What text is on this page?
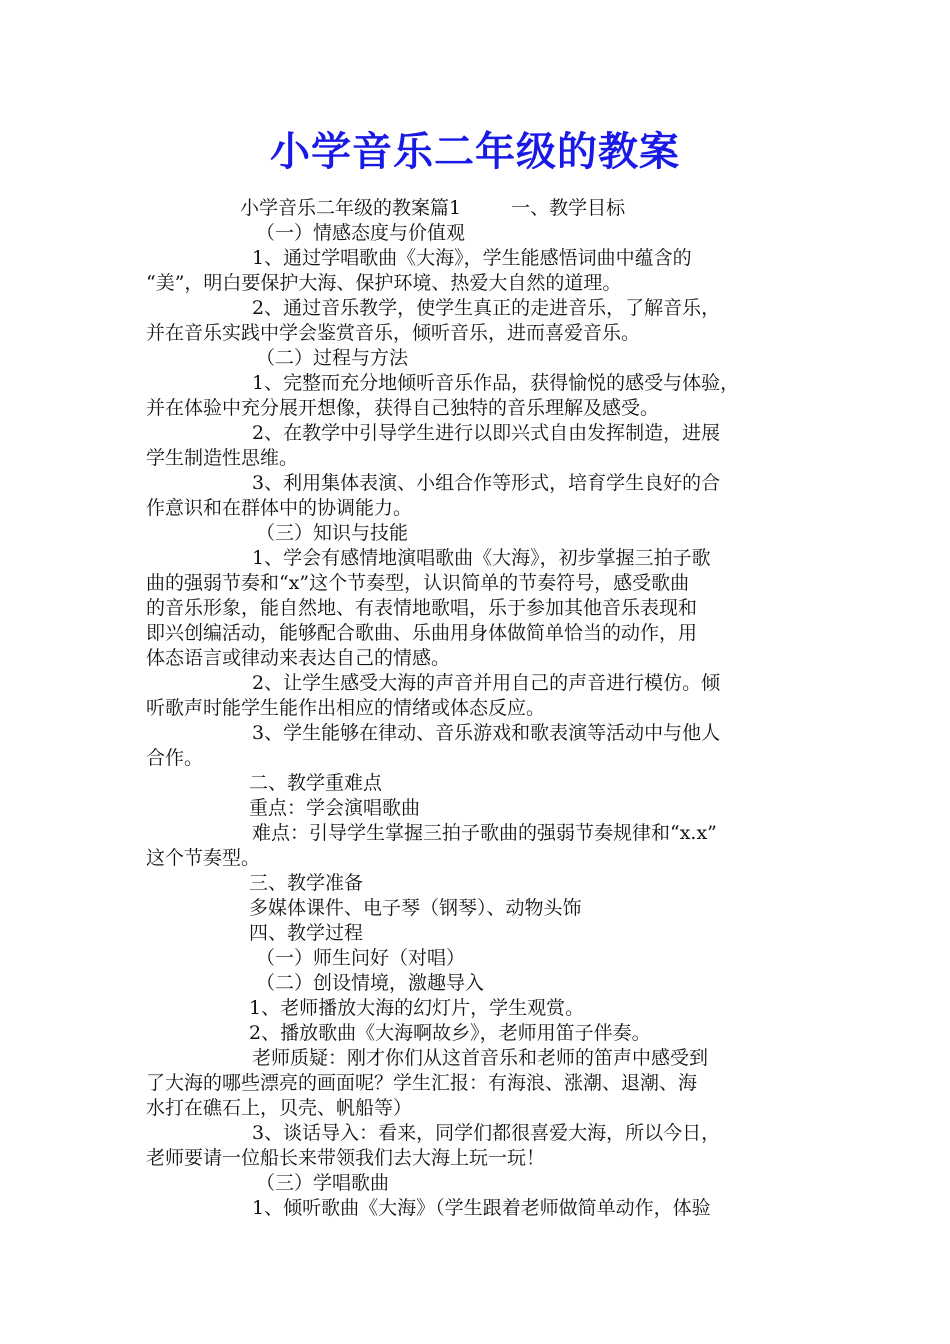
小学音乐二年级的教案
小学音乐二年级的教案篇1	一、教学目标
（一）情感态度与价值观
1、通过学唱歌曲《大海》，学生能感悟词曲中蕴含的
“美”，明白要保护大海、保护环境、热爱大自然的道理。
2、通过音乐教学，使学生真正的走进音乐，了解音乐，
并在音乐实践中学会鉴赏音乐，倾听音乐，进而喜爱音乐。
（二）过程与方法
1、完整而充分地倾听音乐作品，获得愉悦的感受与体验，
并在体验中充分展开想像，获得自己独特的音乐理解及感受。
2、在教学中引导学生进行以即兴式自由发挥制造，进展
学生制造性思维。
3、利用集体表演、小组合作等形式，培育学生良好的合
作意识和在群体中的协调能力。
（三）知识与技能
1、学会有感情地演唱歌曲《大海》，初步掌握三拍子歌
曲的强弱节奏和“x”这个节奏型，认识简单的节奏符号，感受歌曲
的音乐形象，能自然地、有表情地歌唱，乐于参加其他音乐表现和
即兴创编活动，能够配合歌曲、乐曲用身体做简单恰当的动作，用
体态语言或律动来表达自己的情感。
2、让学生感受大海的声音并用自己的声音进行模仿。倾
听歌声时能学生能作出相应的情绪或体态反应。
3、学生能够在律动、音乐游戏和歌表演等活动中与他人
合作。
二、教学重难点
重点：学会演唱歌曲
难点：引导学生掌握三拍子歌曲的强弱节奏规律和“x.x”
这个节奏型。
三、教学准备
多媒体课件、电子琴（钢琴）、动物头饰
四、教学过程
（一）师生问好（对唱）
（二）创设情境，激趣导入
1、老师播放大海的幻灯片，学生观赏。
2、播放歌曲《大海啊故乡》，老师用笛子伴奏。
老师质疑：刚才你们从这首音乐和老师的笛声中感受到
了大海的哪些漂亮的画面呢？学生汇报：有海浪、涨潮、退潮、海
水打在礁石上，贝壳、帆船等）
3、谈话导入：看来，同学们都很喜爱大海，所以今日，
老师要请一位船长来带领我们去大海上玩一玩！
（三）学唱歌曲
1、倾听歌曲《大海》（学生跟着老师做简单动作，体验
